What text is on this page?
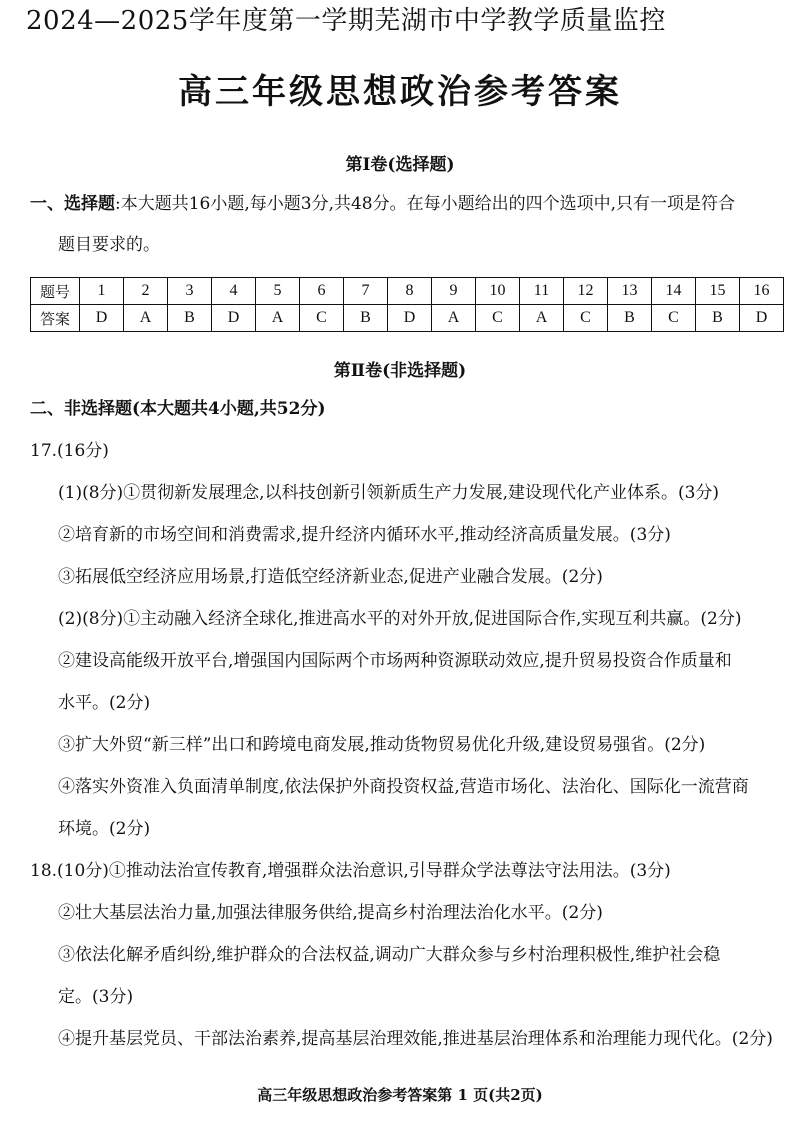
2024—2025学年度第一学期芜湖市中学教学质量监控
高三年级思想政治参考答案
第Ⅰ卷(选择题)
一、选择题:本大题共16小题,每小题3分,共48分。在每小题给出的四个选项中,只有一项是符合
题目要求的。
题号	1	2	3	4	5	6	7	8	9	10	11	12	13	14	15	16
答案	D	A	B	D	A	C	B	D	A	C	A	C	B	C	B	D
第Ⅱ卷(非选择题)
二、非选择题(本大题共4小题,共52分)
17.(16分)
(1)(8分)①贯彻新发展理念,以科技创新引领新质生产力发展,建设现代化产业体系。(3分)
②培育新的市场空间和消费需求,提升经济内循环水平,推动经济高质量发展。(3分)
③拓展低空经济应用场景,打造低空经济新业态,促进产业融合发展。(2分)
(2)(8分)①主动融入经济全球化,推进高水平的对外开放,促进国际合作,实现互利共赢。(2分)
②建设高能级开放平台,增强国内国际两个市场两种资源联动效应,提升贸易投资合作质量和
水平。(2分)
③扩大外贸“新三样”出口和跨境电商发展,推动货物贸易优化升级,建设贸易强省。(2分)
④落实外资准入负面清单制度,依法保护外商投资权益,营造市场化、法治化、国际化一流营商
环境。(2分)
18.(10分)①推动法治宣传教育,增强群众法治意识,引导群众学法尊法守法用法。(3分)
②壮大基层法治力量,加强法律服务供给,提高乡村治理法治化水平。(2分)
③依法化解矛盾纠纷,维护群众的合法权益,调动广大群众参与乡村治理积极性,维护社会稳
定。(3分)
④提升基层党员、干部法治素养,提高基层治理效能,推进基层治理体系和治理能力现代化。(2分)
高三年级思想政治参考答案第 1 页(共2页)
